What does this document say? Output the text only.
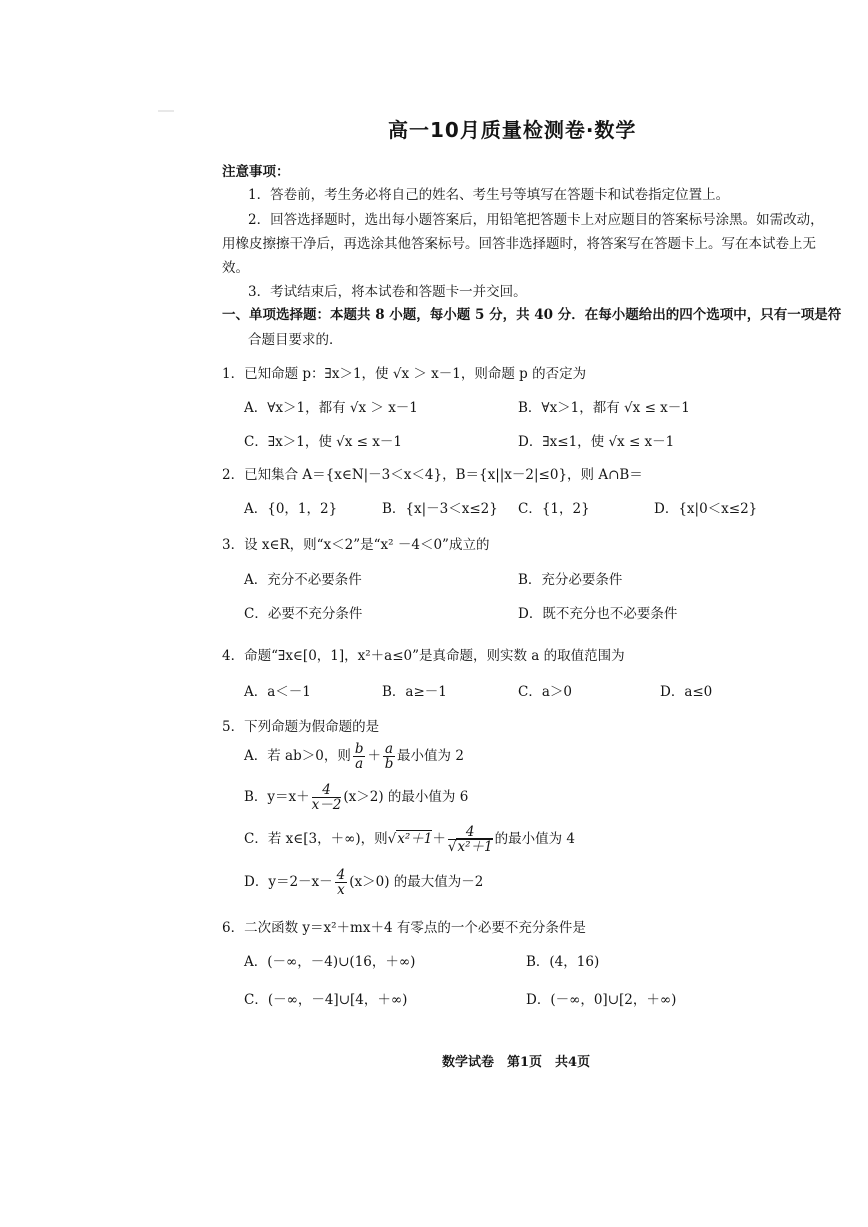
高一10月质量检测卷·数学
注意事项：
1．答卷前，考生务必将自己的姓名、考生号等填写在答题卡和试卷指定位置上。
2．回答选择题时，选出每小题答案后，用铅笔把答题卡上对应题目的答案标号涂黑。如需改动，
用橡皮擦擦干净后，再选涂其他答案标号。回答非选择题时，将答案写在答题卡上。写在本试卷上无
效。
3．考试结束后，将本试卷和答题卡一并交回。
一、单项选择题：本题共 8 小题，每小题 5 分，共 40 分．在每小题给出的四个选项中，只有一项是符
合题目要求的．
1．已知命题 p：∃x＞1，使 √x ＞ x－1，则命题 p 的否定为
A．∀x＞1，都有 √x ＞ x－1	B．∀x＞1，都有 √x ≤ x－1
C．∃x＞1，使 √x ≤ x－1	D．∃x≤1，使 √x ≤ x－1
2．已知集合 A＝{x∈N|－3＜x＜4}，B＝{x||x－2|≤0}，则 A∩B＝
A．{0，1，2}	B．{x|－3＜x≤2} C．{1，2}	D．{x|0＜x≤2}
3．设 x∈R，则“x＜2”是“x² －4＜0”成立的
A．充分不必要条件	B．充分必要条件
C．必要不充分条件	D．既不充分也不必要条件
4．命题“∃x∈[0，1]，x²＋a≤0”是真命题，则实数 a 的取值范围为
A．a＜－1	B．a≥－1	C．a＞0	D．a≤0
5．下列命题为假命题的是
A．若 ab＞0，则 $\frac{b}{a} + \frac{a}{b}$ 最小值为 2
B．$y=x+ \frac{4}{x-2} (x>2)$ 的最小值为 6
C．若 x∈[3，＋∞)，则$√x^2+1+ \frac{4}{\text{√x²＋1}}$ 的最小值为 4
D．$y=2-x- \frac{4}{x} (x>0)$ 的最大值为－2
6．二次函数 y＝x²＋mx＋4 有零点的一个必要不充分条件是
A．(－∞，－4)∪(16，＋∞)	B．(4，16)
C．(－∞，－4]∪[4，＋∞)	D．(－∞，0]∪[2，＋∞)
数学试卷　第1页　共4页
